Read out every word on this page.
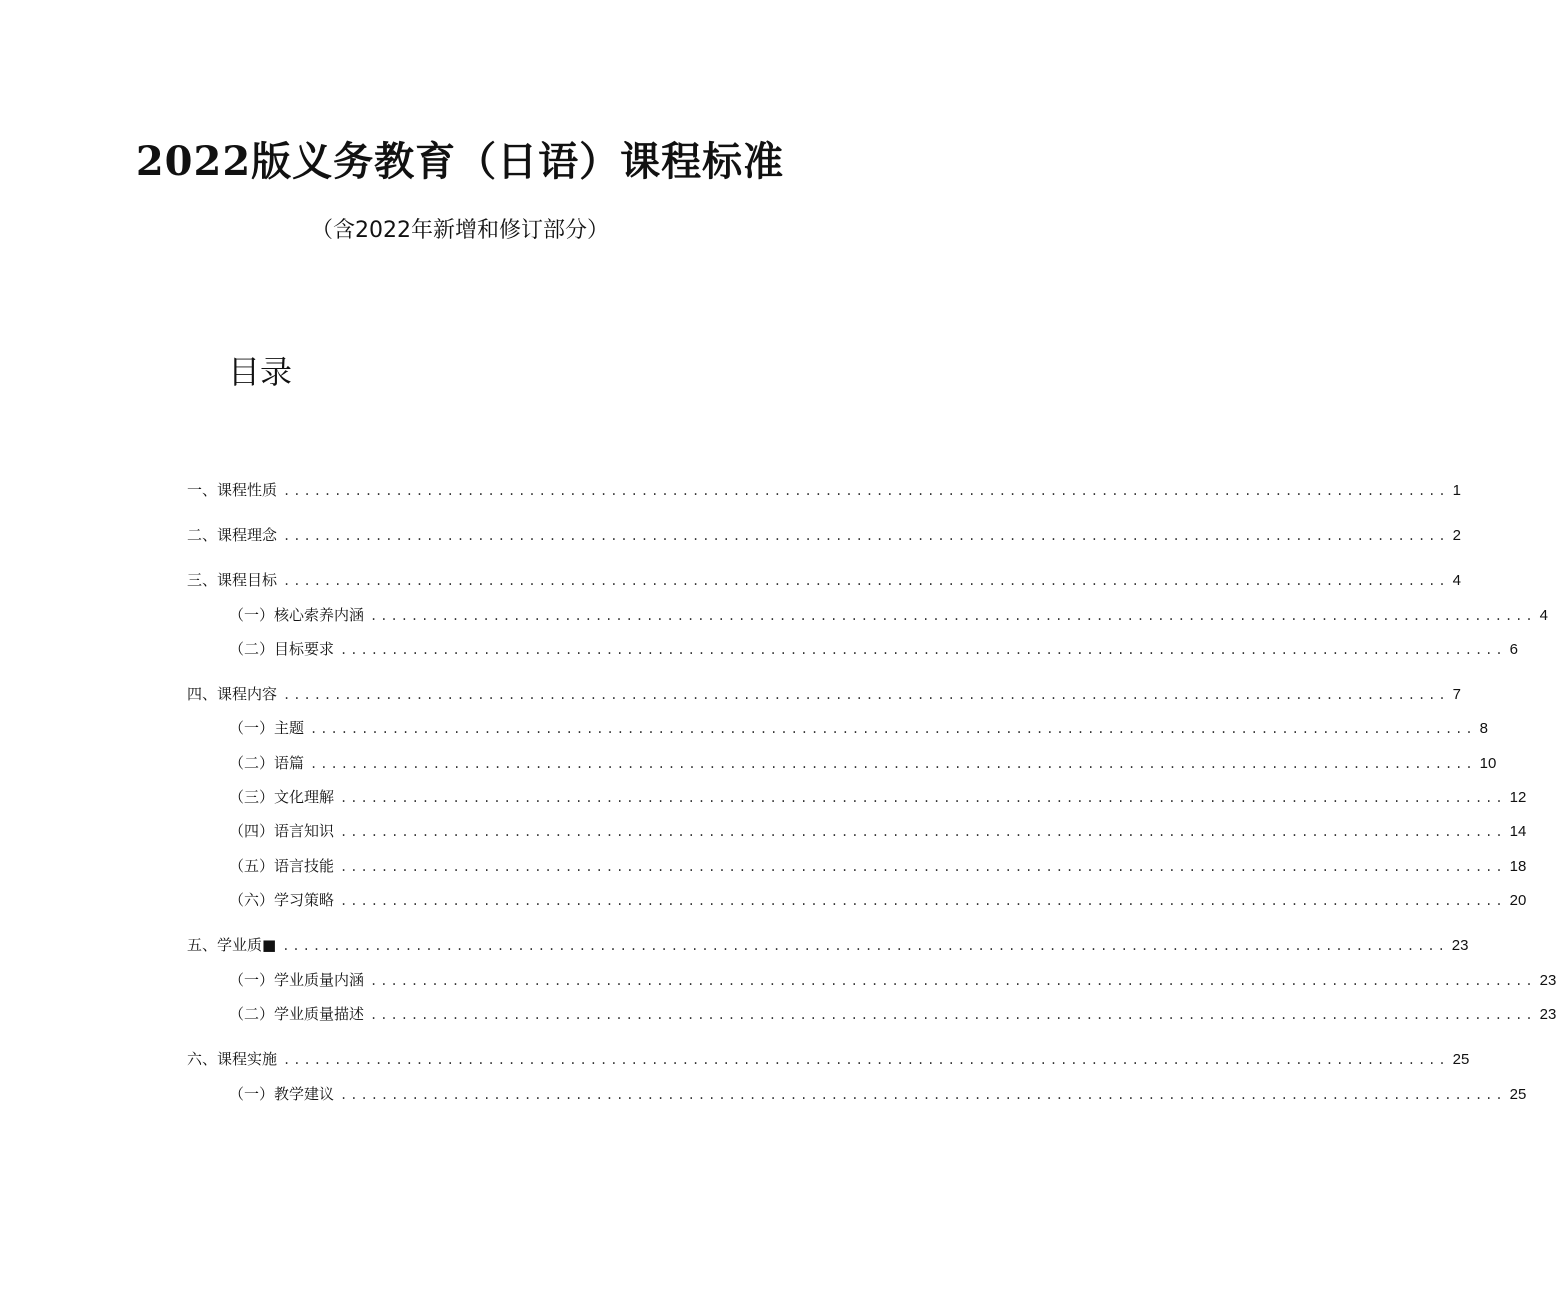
2022版义务教育（日语）课程标准
（含2022年新增和修订部分）
目录
一、课程性质 .................................................................................................................. 1
二、课程理念 .................................................................................................................. 2
三、课程目标 .................................................................................................................. 4
（一）核心索养内涵 .................................................................................................................. 4
（二）目标要求 .................................................................................................................. 6
四、课程内容 .................................................................................................................. 7
（一）主题 .................................................................................................................. 8
（二）语篇 .................................................................................................................. 10
（三）文化理解 .................................................................................................................. 12
（四）语言知识 .................................................................................................................. 14
（五）语言技能 .................................................................................................................. 18
（六）学习策略 .................................................................................................................. 20
五、学业质■ .................................................................................................................. 23
（一）学业质量内涵 .................................................................................................................. 23
（二）学业质量描述 .................................................................................................................. 23
六、课程实施 .................................................................................................................. 25
（一）教学建议 .................................................................................................................. 25
